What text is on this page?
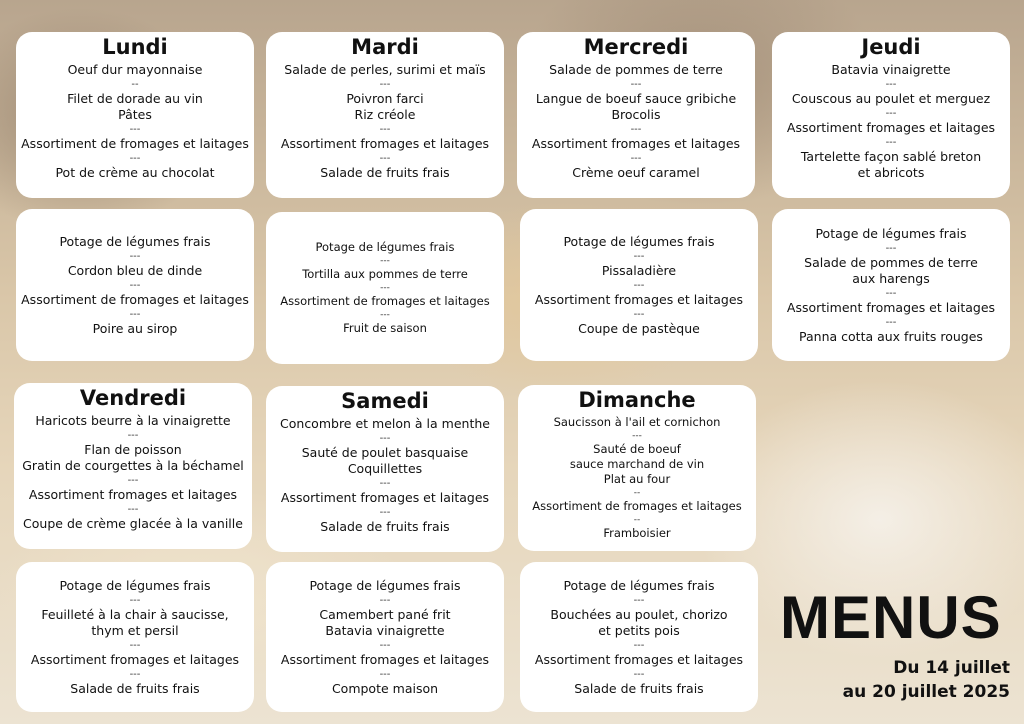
Lundi
Oeuf dur mayonnaise
--
Filet de dorade au vin
Pâtes
---
Assortiment de fromages et laitages
---
Pot de crème au chocolat
Mardi
Salade de perles, surimi et maïs
---
Poivron farci
Riz créole
---
Assortiment fromages et laitages
---
Salade de fruits frais
Mercredi
Salade de pommes de terre
---
Langue de boeuf sauce gribiche
Brocolis
---
Assortiment fromages et laitages
---
Crème oeuf caramel
Jeudi
Batavia vinaigrette
---
Couscous au poulet et merguez
---
Assortiment fromages et laitages
---
Tartelette façon sablé breton
et abricots
Potage de légumes frais
---
Cordon bleu de dinde
---
Assortiment de fromages et laitages
---
Poire au sirop
Potage de légumes frais
---
Tortilla aux pommes de terre
---
Assortiment de fromages et laitages
---
Fruit de saison
Potage de légumes frais
---
Pissaladière
---
Assortiment fromages et laitages
---
Coupe de pastèque
Potage de légumes frais
---
Salade de pommes de terre
aux harengs
---
Assortiment fromages et laitages
---
Panna cotta aux fruits rouges
Vendredi
Haricots beurre à la vinaigrette
---
Flan de poisson
Gratin de courgettes à la béchamel
---
Assortiment fromages et laitages
---
Coupe de crème glacée à la vanille
Samedi
Concombre et melon à la menthe
---
Sauté de poulet basquaise
Coquillettes
---
Assortiment fromages et laitages
---
Salade de fruits frais
Dimanche
Saucisson à l'ail et cornichon
---
Sauté de boeuf
sauce marchand de vin
Plat au four
--
Assortiment de fromages et laitages
--
Framboisier
Potage de légumes frais
---
Feuilleté à la chair à saucisse,
thym et persil
---
Assortiment fromages et laitages
---
Salade de fruits frais
Potage de légumes frais
---
Camembert pané frit
Batavia vinaigrette
---
Assortiment fromages et laitages
---
Compote maison
Potage de légumes frais
---
Bouchées au poulet, chorizo
et petits pois
---
Assortiment fromages et laitages
---
Salade de fruits frais
MENUS
Du 14 juillet
au 20 juillet 2025
